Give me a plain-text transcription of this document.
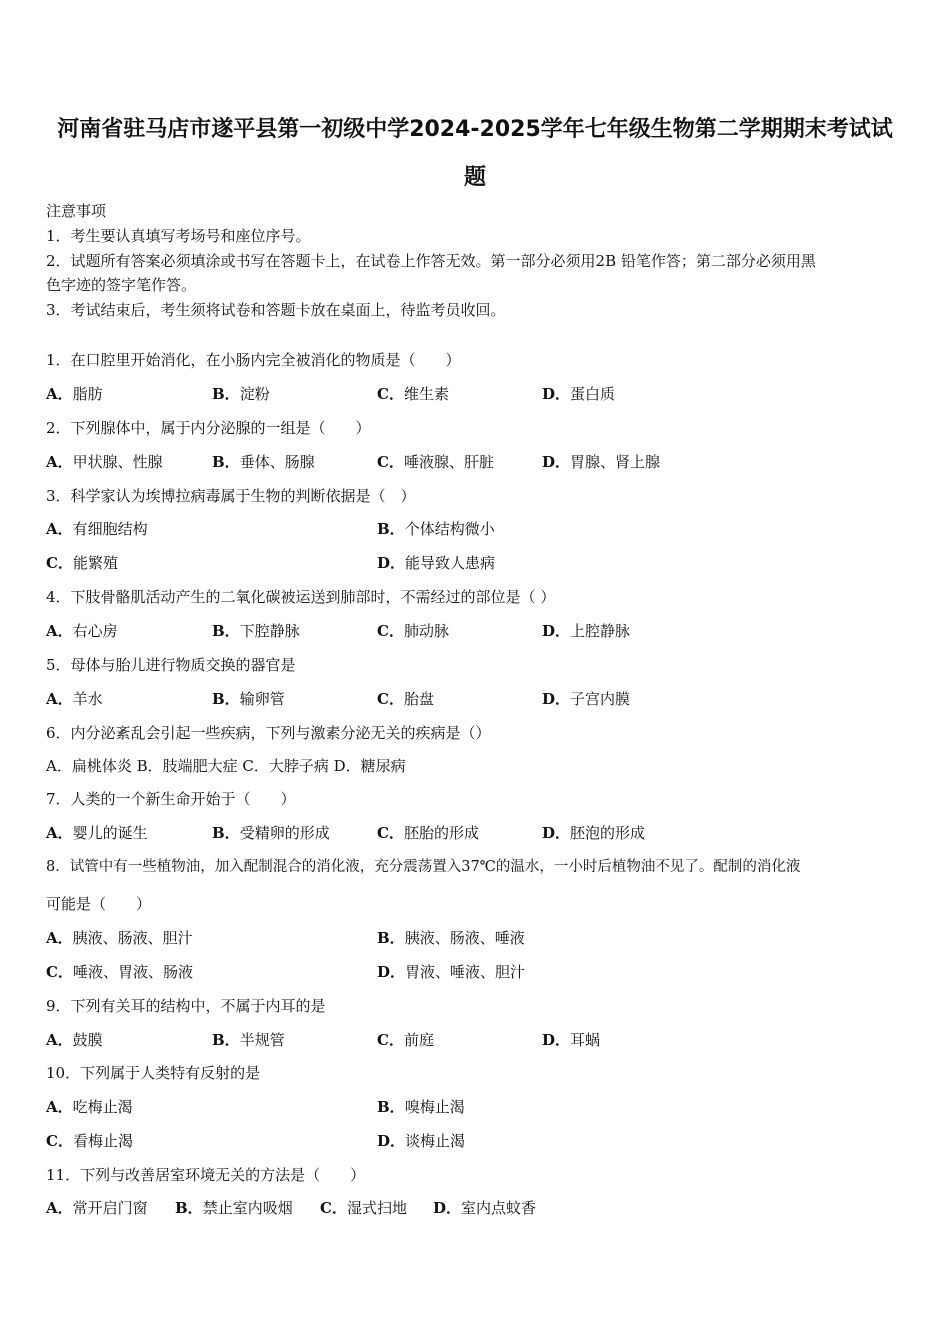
河南省驻马店市遂平县第一初级中学2024-2025学年七年级生物第二学期期末考试试
题
注意事项
1．考生要认真填写考场号和座位序号。
2．试题所有答案必须填涂或书写在答题卡上，在试卷上作答无效。第一部分必须用2B 铅笔作答；第二部分必须用黑
色字迹的签字笔作答。
3．考试结束后，考生须将试卷和答题卡放在桌面上，待监考员收回。
1．在口腔里开始消化，在小肠内完全被消化的物质是（　　）
A．脂肪	B．淀粉	C．维生素	D．蛋白质
2．下列腺体中，属于内分泌腺的一组是（　　）
A．甲状腺、性腺	B．垂体、肠腺	C．唾液腺、肝脏	D．胃腺、肾上腺
3．科学家认为埃博拉病毒属于生物的判断依据是（　）
A．有细胞结构	B．个体结构微小
C．能繁殖	D．能导致人患病
4．下肢骨骼肌活动产生的二氧化碳被运送到肺部时，不需经过的部位是（ ）
A．右心房	B．下腔静脉	C．肺动脉	D．上腔静脉
5．母体与胎儿进行物质交换的器官是
A．羊水	B．输卵管	C．胎盘	D．子宫内膜
6．内分泌紊乱会引起一些疾病，下列与激素分泌无关的疾病是（）
A．扁桃体炎 B．肢端肥大症 C．大脖子病 D．糖尿病
7．人类的一个新生命开始于（　　）
A．婴儿的诞生	B．受精卵的形成	C．胚胎的形成	D．胚泡的形成
8．试管中有一些植物油，加入配制混合的消化液，充分震荡置入37℃的温水，一小时后植物油不见了。配制的消化液
可能是（　　）
A．胰液、肠液、胆汁	B．胰液、肠液、唾液
C．唾液、胃液、肠液	D．胃液、唾液、胆汁
9．下列有关耳的结构中，不属于内耳的是
A．鼓膜	B．半规管	C．前庭	D．耳蜗
10．下列属于人类特有反射的是
A．吃梅止渴	B．嗅梅止渴
C．看梅止渴	D．谈梅止渴
11．下列与改善居室环境无关的方法是（　　）
A．常开启门窗 B．禁止室内吸烟 C．湿式扫地 D．室内点蚊香
